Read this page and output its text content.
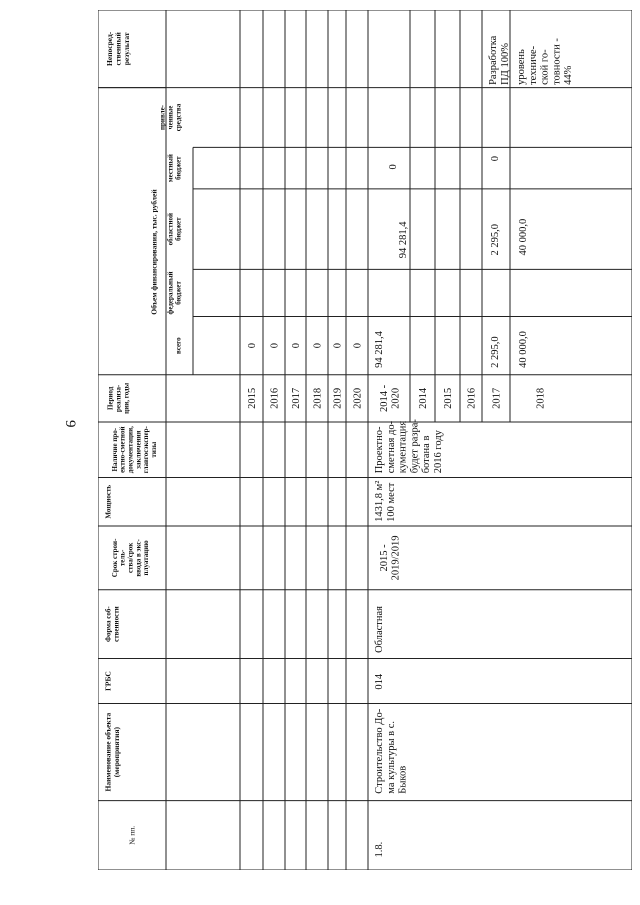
9
№ пп.
Наименование объекта(мероприятия)
ГРБС
Форма соб-ственности
Срок строи-тель-ства/срокввода в экс-плуатацию
Мощность
Наличие про-ектно-сметнойдокументации,заключенияглавгосэкспер-тизы
Периодреализа-ции, годы
Объем финансирования, тыс. рублей
всего
федеральныйбюджет
областнойбюджет
местныйбюджет
привле-ченныесредства
Непосред-ственныйрезультат
2015
0
2016
0
2017
0
2018
0
2019
0
2020
0
1.8.
Строительство До-ма культуры в с.Быков
014
Областная
2015 -2019/2019
1431,8 м²100 мест
Проектно-сметная до-кументациябудет разра-ботана в2016 году
2014 -2020
94 281,4
94 281,4
0
2014 2015 2016 2017
2 295,0
2 295,0
0
РазработкаПД 100%
2018
40 000,0
40 000,0
уровеньтехниче-ской го-товности -44%
